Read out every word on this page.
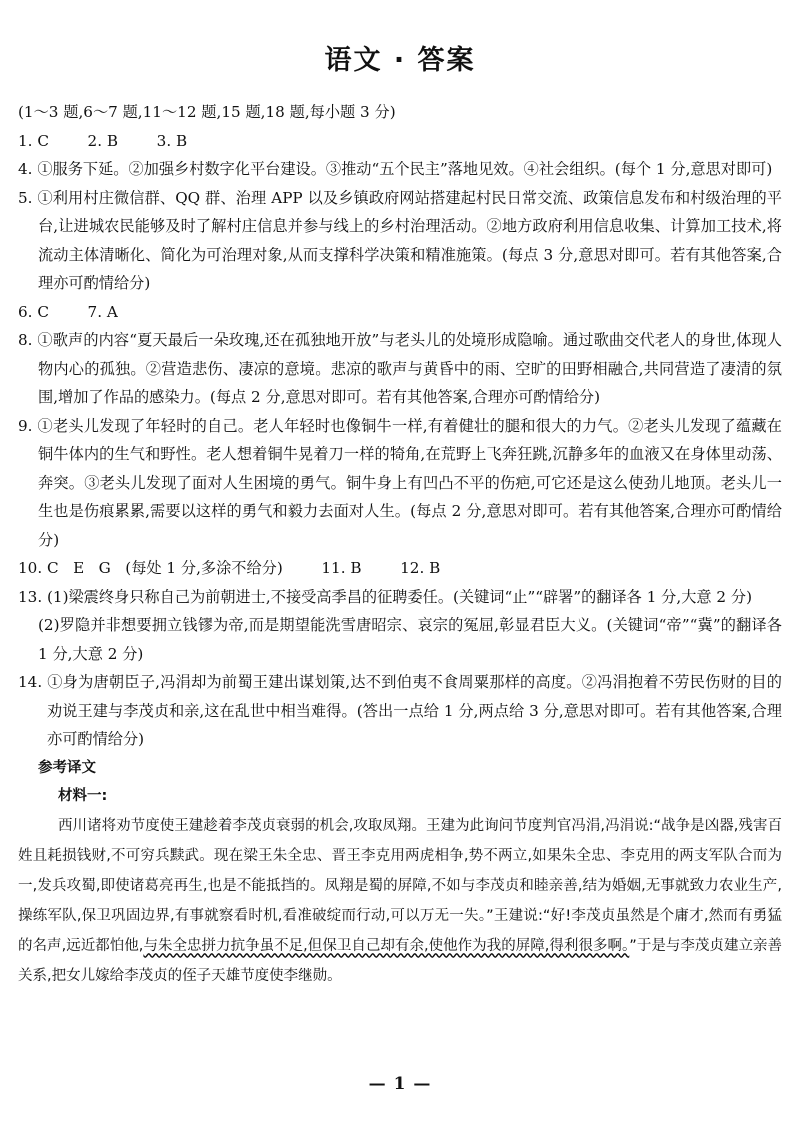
语文 · 答案

(1～3 题,6～7 题,11～12 题,15 题,18 题,每小题 3 分)

1. C        2. B        3. B

4. ①服务下延。②加强乡村数字化平台建设。③推动“五个民主”落地见效。④社会组织。(每个 1 分,意思对即可)

5. ①利用村庄微信群、QQ 群、治理 APP 以及乡镇政府网站搭建起村民日常交流、政策信息发布和村级治理的平台,让进城农民能够及时了解村庄信息并参与线上的乡村治理活动。②地方政府利用信息收集、计算加工技术,将流动主体清晰化、简化为可治理对象,从而支撑科学决策和精准施策。(每点 3 分,意思对即可。若有其他答案,合理亦可酌情给分)

6. C        7. A

8. ①歌声的内容“夏天最后一朵玫瑰,还在孤独地开放”与老头儿的处境形成隐喻。通过歌曲交代老人的身世,体现人物内心的孤独。②营造悲伤、凄凉的意境。悲凉的歌声与黄昏中的雨、空旷的田野相融合,共同营造了凄清的氛围,增加了作品的感染力。(每点 2 分,意思对即可。若有其他答案,合理亦可酌情给分)

9. ①老头儿发现了年轻时的自己。老人年轻时也像铜牛一样,有着健壮的腿和很大的力气。②老头儿发现了蕴藏在铜牛体内的生气和野性。老人想着铜牛晃着刀一样的犄角,在荒野上飞奔狂跳,沉静多年的血液又在身体里动荡、奔突。③老头儿发现了面对人生困境的勇气。铜牛身上有凹凸不平的伤疤,可它还是这么使劲儿地顶。老头儿一生也是伤痕累累,需要以这样的勇气和毅力去面对人生。(每点 2 分,意思对即可。若有其他答案,合理亦可酌情给分)

10. C   E   G   (每处 1 分,多涂不给分)        11. B        12. B

13. (1)梁震终身只称自己为前朝进士,不接受高季昌的征聘委任。(关键词“止”“辟署”的翻译各 1 分,大意 2 分)

(2)罗隐并非想要拥立钱镠为帝,而是期望能洗雪唐昭宗、哀宗的冤屈,彰显君臣大义。(关键词“帝”“冀”的翻译各 1 分,大意 2 分)

14. ①身为唐朝臣子,冯涓却为前蜀王建出谋划策,达不到伯夷不食周粟那样的高度。②冯涓抱着不劳民伤财的目的劝说王建与李茂贞和亲,这在乱世中相当难得。(答出一点给 1 分,两点给 3 分,意思对即可。若有其他答案,合理亦可酌情给分)

参考译文

材料一:

西川诸将劝节度使王建趁着李茂贞衰弱的机会,攻取凤翔。王建为此询问节度判官冯涓,冯涓说:“战争是凶器,残害百姓且耗损钱财,不可穷兵黩武。现在梁王朱全忠、晋王李克用两虎相争,势不两立,如果朱全忠、李克用的两支军队合而为一,发兵攻蜀,即使诸葛亮再生,也是不能抵挡的。凤翔是蜀的屏障,不如与李茂贞和睦亲善,结为婚姻,无事就致力农业生产,操练军队,保卫巩固边界,有事就察看时机,看准破绽而行动,可以万无一失。”王建说:“好!李茂贞虽然是个庸才,然而有勇猛的名声,远近都怕他,与朱全忠拼力抗争虽不足,但保卫自己却有余,使他作为我的屏障,得利很多啊。”于是与李茂贞建立亲善关系,把女儿嫁给李茂贞的侄子天雄节度使李继勋。

— 1 —
